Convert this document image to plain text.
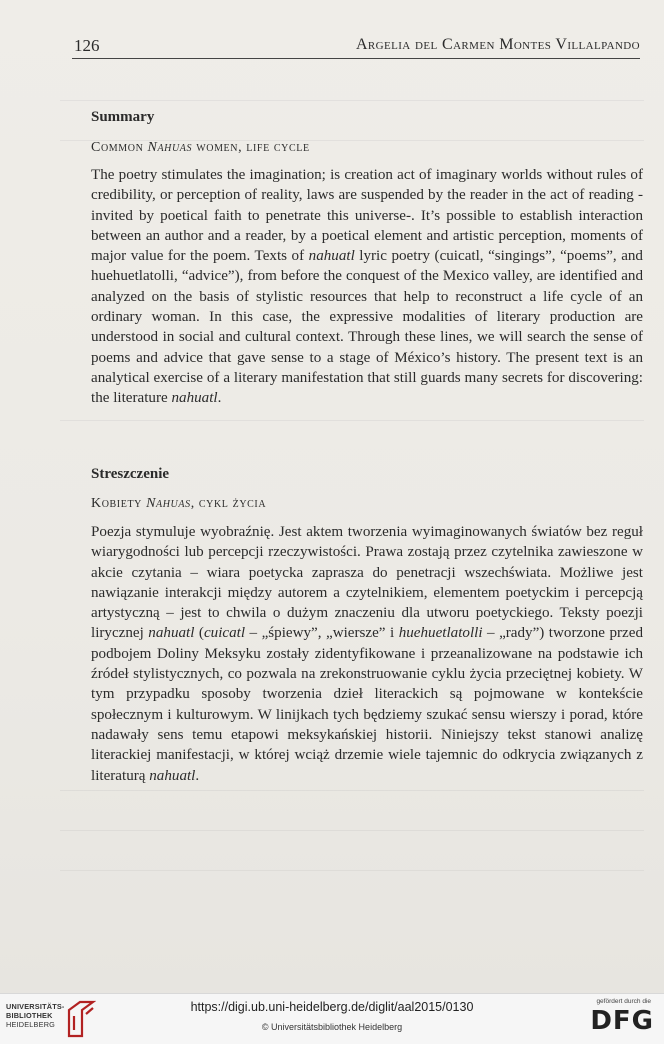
126	Argelia del Carmen Montes Villalpando
Summary
Common Nahuas women, life cycle
The poetry stimulates the imagination; is creation act of imaginary worlds without rules of credibility, or perception of reality, laws are suspended by the reader in the act of reading - invited by poetical faith to penetrate this universe-. It’s possible to establish interaction between an author and a reader, by a poetical element and artistic perception, moments of major value for the poem. Texts of nahuatl lyric poetry (cuicatl, “singings”, “poems”, and huehuetlatolli, “advice”), from before the conquest of the Mexico valley, are identified and analyzed on the basis of stylistic resources that help to reconstruct a life cycle of an ordinary woman. In this case, the expressive modalities of literary production are understood in social and cultural context. Through these lines, we will search the sense of poems and advice that gave sense to a stage of México’s history. The present text is an analytical exercise of a literary manifestation that still guards many secrets for discovering: the literature nahuatl.
Streszczenie
Kobiety Nahuas, cykl życia
Poezja stymuluje wyobraźnię. Jest aktem tworzenia wyimaginowanych światów bez reguł wiarygodności lub percepcji rzeczywistości. Prawa zostają przez czytelnika zawieszone w akcie czytania – wiara poetycka zaprasza do penetracji wszechświata. Możliwe jest nawiązanie interakcji między autorem a czytelnikiem, elementem poetyckim i percepcją artystyczną – jest to chwila o dużym znaczeniu dla utworu poetyckiego. Teksty poezji lirycznej nahuatl (cuicatl – „śpiewy”, „wiersze” i huehuetlatolli – „rady”) tworzone przed podbojem Doliny Meksyku zostały zidentyfikowane i przeanalizowane na podstawie ich źródeł stylistycznych, co pozwala na zrekonstruowanie cyklu życia przeciętnej kobiety. W tym przypadku sposoby tworzenia dzieł literackich są pojmowane w kontekście społecznym i kulturowym. W linijkach tych będziemy szukać sensu wierszy i porad, które nadawały sens temu etapowi meksykańskiej historii. Niniejszy tekst stanowi analizę literackiej manifestacji, w której wciąż drzemie wiele tajemnic do odkrycia związanych z literaturą nahuatl.
UNIVERSITÄTS-
BIBLIOTHEK
HEIDELBERG
https://digi.ub.uni-heidelberg.de/diglit/aal2015/0130
© Universitätsbibliothek Heidelberg
gefördert durch die
DFG
